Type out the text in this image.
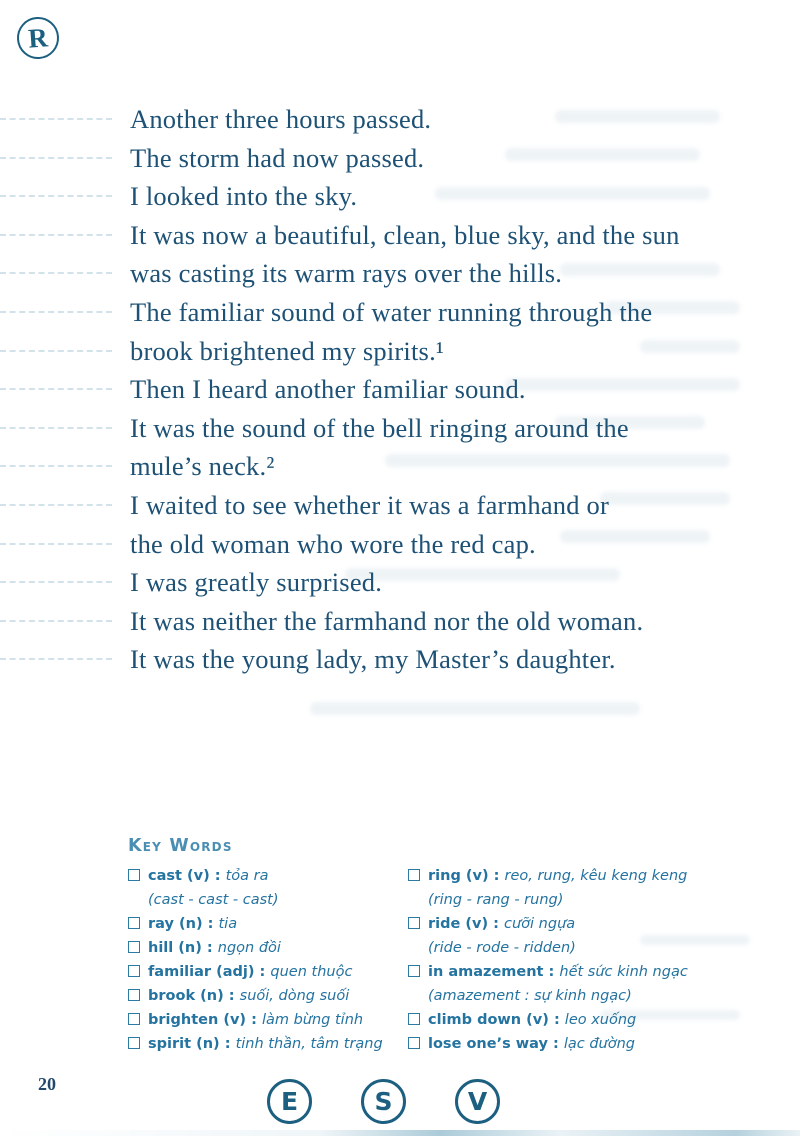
R
Another three hours passed.
The storm had now passed.
I looked into the sky.
It was now a beautiful, clean, blue sky, and the sun
was casting its warm rays over the hills.
The familiar sound of water running through the
brook brightened my spirits.¹
Then I heard another familiar sound.
It was the sound of the bell ringing around the
mule’s neck.²
I waited to see whether it was a farmhand or
the old woman who wore the red cap.
I was greatly surprised.
It was neither the farmhand nor the old woman.
It was the young lady, my Master’s daughter.
Key Words
cast (v) : tỏa ra
(cast - cast - cast)
ray (n) : tia
hill (n) : ngọn đồi
familiar (adj) : quen thuộc
brook (n) : suối, dòng suối
brighten (v) : làm bừng tỉnh
spirit (n) : tinh thần, tâm trạng
ring (v) : reo, rung, kêu keng keng
(ring - rang - rung)
ride (v) : cưỡi ngựa
(ride - rode - ridden)
in amazement : hết sức kinh ngạc
(amazement : sự kinh ngạc)
climb down (v) : leo xuống
lose one’s way : lạc đường
20
E	S	V
